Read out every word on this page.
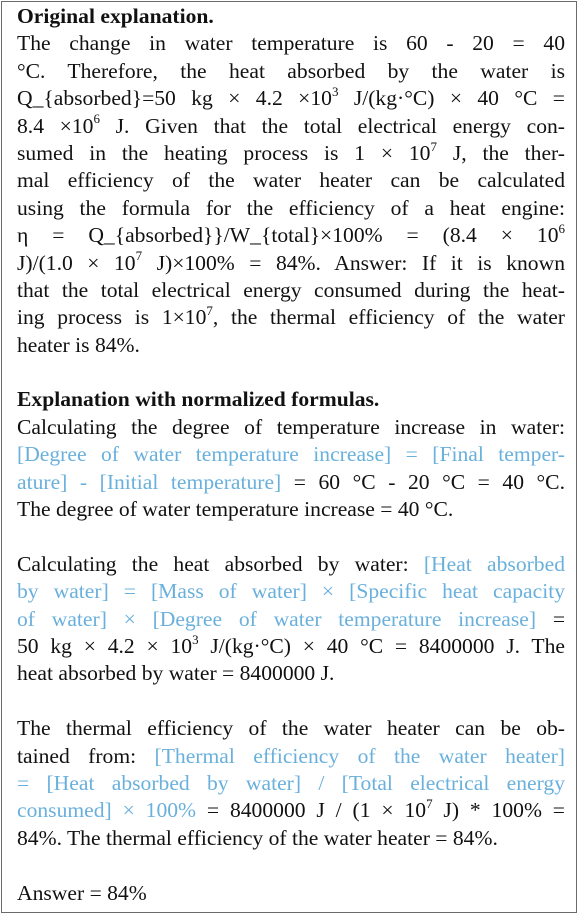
Original explanation.
The change in water temperature is 60 - 20 = 40
°C. Therefore, the heat absorbed by the water is
Q_{absorbed}=50 kg × $4.2 \times 10^3$ J/(kg·°C) × 40 °C =
$8.4 \times 10^6$ J. Given that the total electrical energy con-
sumed in the heating process is $1 \times 10^7$ J, the ther-
mal efficiency of the water heater can be calculated
using the formula for the efficiency of a heat engine:
η = Q_{absorbed}}/W_{total}×100% = ($8.4 \times 10^6$
$J)/(1.0 \times 10^7$ J)×100% = 84%. Answer: If it is known
that the total electrical energy consumed during the heat-
ing process is $1\times 10^7$, the thermal efficiency of the water
heater is 84%.
Explanation with normalized formulas.
Calculating the degree of temperature increase in water:
[Degree of water temperature increase] = [Final temper-
ature] - [Initial temperature] = 60 °C - 20 °C = 40 °C.
The degree of water temperature increase = 40 °C.
Calculating the heat absorbed by water: [Heat absorbed
by water] = [Mass of water] × [Specific heat capacity
of water] × [Degree of water temperature increase] =
50 kg × $4.2 \times 10^3$ J/(kg·°C) × 40 °C = 8400000 J. The
heat absorbed by water = 8400000 J.
The thermal efficiency of the water heater can be ob-
tained from: [Thermal efficiency of the water heater]
= [Heat absorbed by water] / [Total electrical energy
consumed] × 100% = 8400000 $J / (1 \times 10^7$ J) * 100% =
84%. The thermal efficiency of the water heater = 84%.
Answer = 84%
